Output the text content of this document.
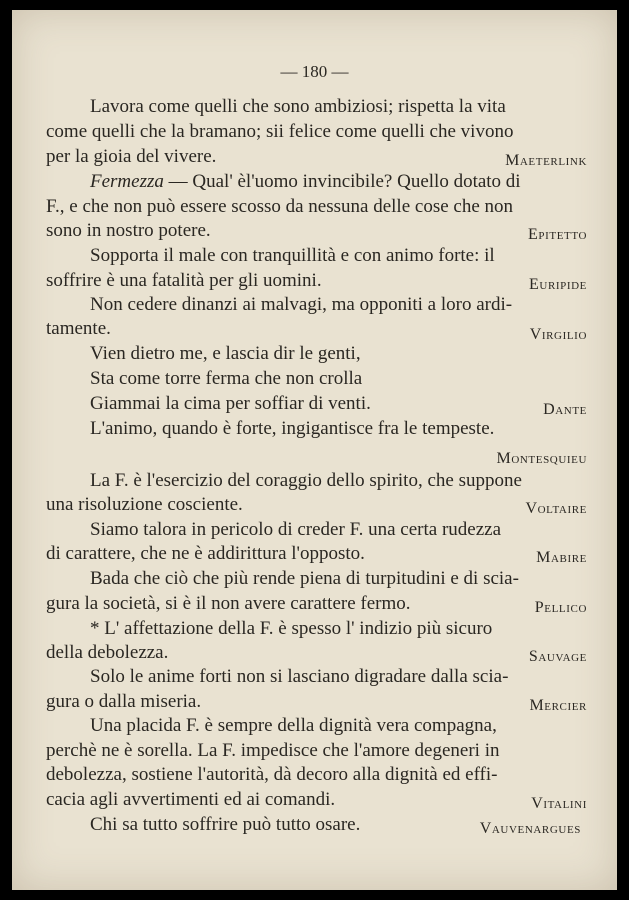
— 180 —
Lavora come quelli che sono ambiziosi; rispetta la vita
come quelli che la bramano; sii felice come quelli che vivono
per la gioia del vivere.	Maeterlink
Fermezza — Qual' èl'uomo invincibile? Quello dotato di
F., e che non può essere scosso da nessuna delle cose che non
sono in nostro potere.	Epitetto
Sopporta il male con tranquillità e con animo forte: il
soffrire è una fatalità per gli uomini.	Euripide
Non cedere dinanzi ai malvagi, ma opponiti a loro ardi-
tamente.	Virgilio
Vien dietro me, e lascia dir le genti,
Sta come torre ferma che non crolla
Giammai la cima per soffiar di venti.	Dante
L'animo, quando è forte, ingigantisce fra le tempeste.
Montesquieu
La F. è l'esercizio del coraggio dello spirito, che suppone
una risoluzione cosciente.	Voltaire
Siamo talora in pericolo di creder F. una certa rudezza
di carattere, che ne è addirittura l'opposto.	Mabire
Bada che ciò che più rende piena di turpitudini e di scia-
gura la società, si è il non avere carattere fermo.	Pellico
* L' affettazione della F. è spesso l' indizio più sicuro
della debolezza.	Sauvage
Solo le anime forti non si lasciano digradare dalla scia-
gura o dalla miseria.	Mercier
Una placida F. è sempre della dignità vera compagna,
perchè ne è sorella. La F. impedisce che l'amore degeneri in
debolezza, sostiene l'autorità, dà decoro alla dignità ed effi-
cacia agli avvertimenti ed ai comandi.	Vitalini
Chi sa tutto soffrire può tutto osare.	Vauvenargues
